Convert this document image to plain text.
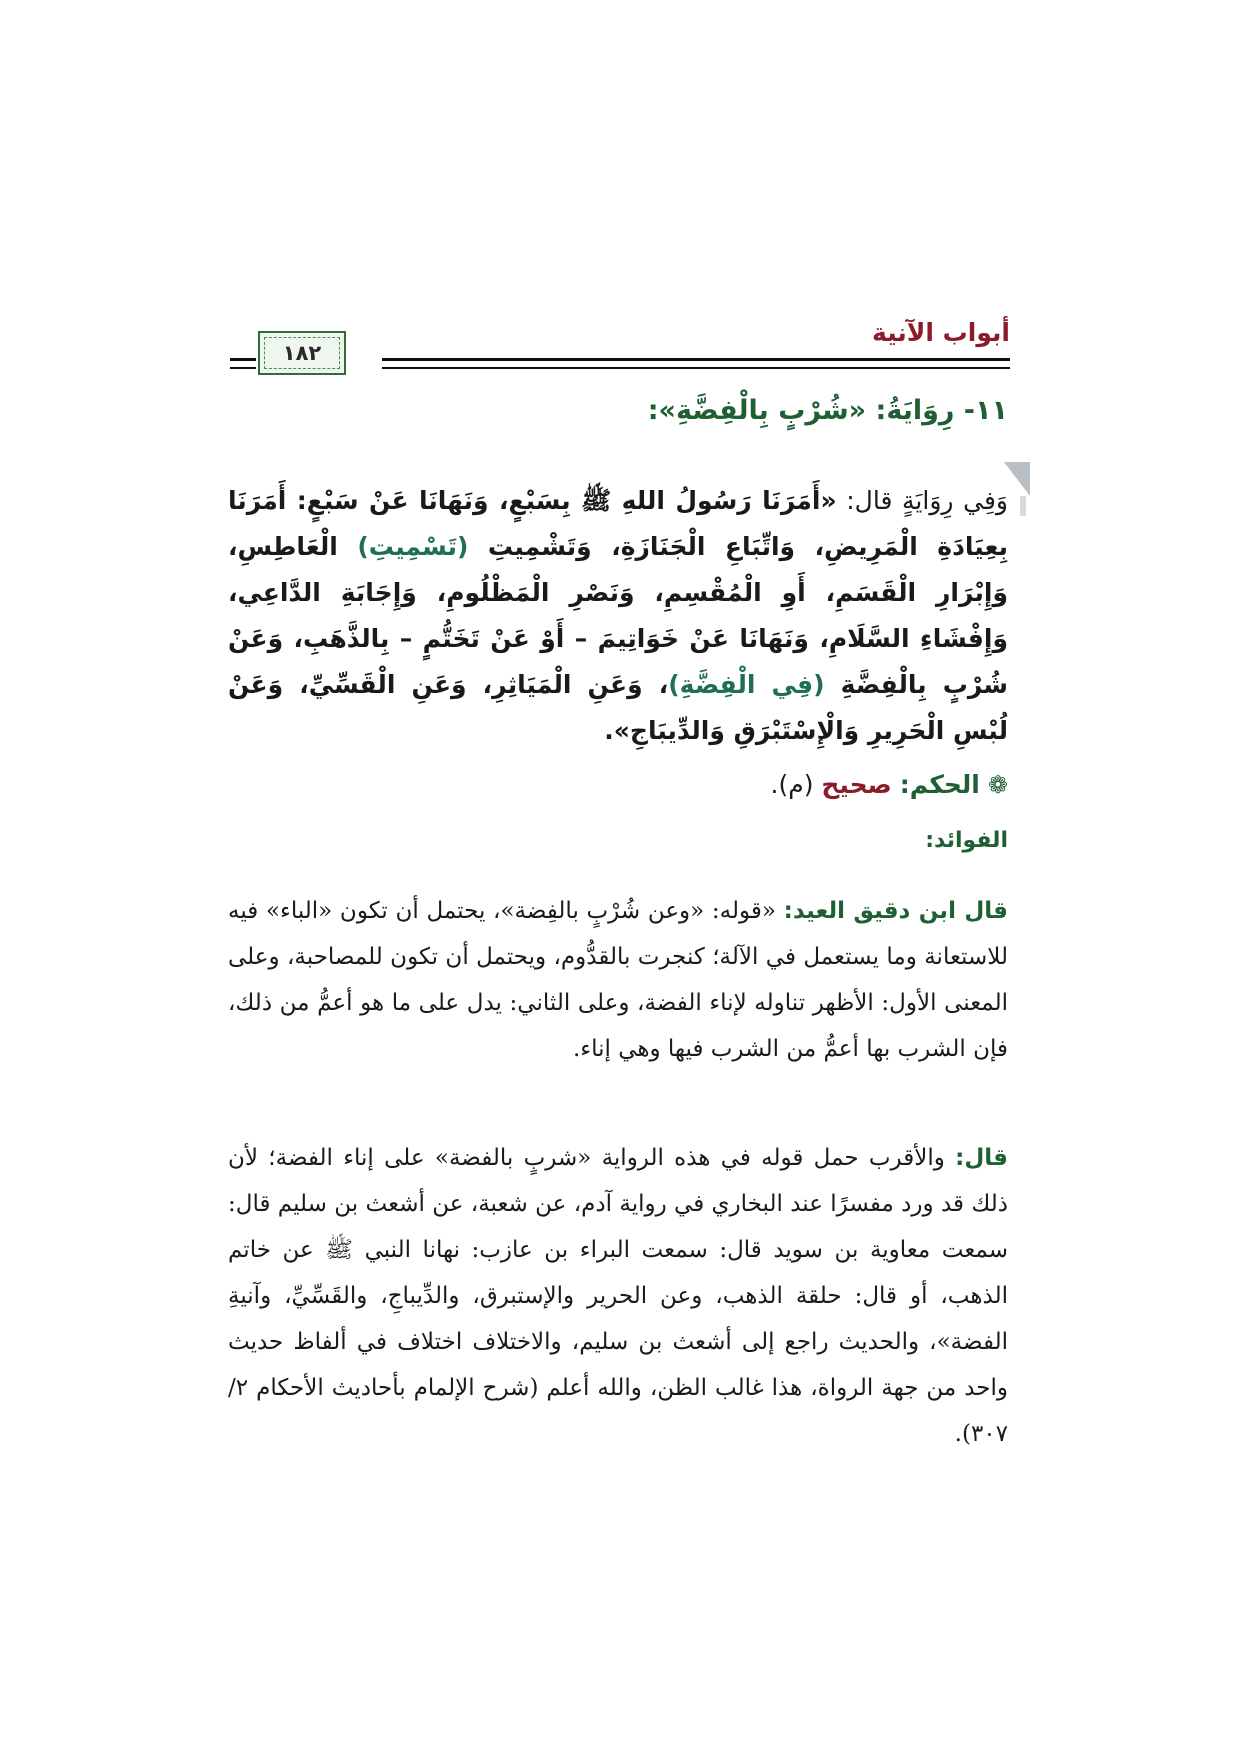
أبواب الآنية
١٨٢
١١- رِوَايَةُ: «شُرْبٍ بِالْفِضَّةِ»:
وَفِي رِوَايَةٍ قال: «أَمَرَنَا رَسُولُ اللهِ ﷺ بِسَبْعٍ، وَنَهَانَا عَنْ سَبْعٍ: أَمَرَنَا بِعِيَادَةِ الْمَرِيضِ، وَاتِّبَاعِ الْجَنَازَةِ، وَتَشْمِيتِ (تَسْمِيتِ) الْعَاطِسِ، وَإِبْرَارِ الْقَسَمِ، أَوِ الْمُقْسِمِ، وَنَصْرِ الْمَظْلُومِ، وَإِجَابَةِ الدَّاعِي، وَإِفْشَاءِ السَّلَامِ، وَنَهَانَا عَنْ خَوَاتِيمَ – أَوْ عَنْ تَخَتُّمٍ – بِالذَّهَبِ، وَعَنْ شُرْبٍ بِالْفِضَّةِ (فِي الْفِضَّةِ)، وَعَنِ الْمَيَاثِرِ، وَعَنِ الْقَسِّيِّ، وَعَنْ لُبْسِ الْحَرِيرِ وَالْإِسْتَبْرَقِ وَالدِّيبَاجِ».
❁الحكم: صحيح (م).
الفوائد:
قال ابن دقيق العيد: «قوله: «وعن شُرْبٍ بالفِضة»، يحتمل أن تكون «الباء» فيه للاستعانة وما يستعمل في الآلة؛ كنجرت بالقدُّوم، ويحتمل أن تكون للمصاحبة، وعلى المعنى الأول: الأظهر تناوله لإناء الفضة، وعلى الثاني: يدل على ما هو أعمُّ من ذلك، فإن الشرب بها أعمُّ من الشرب فيها وهي إناء.
قال: والأقرب حمل قوله في هذه الرواية «شربٍ بالفضة» على إناء الفضة؛ لأن ذلك قد ورد مفسرًا عند البخاري في رواية آدم، عن شعبة، عن أشعث بن سليم قال: سمعت معاوية بن سويد قال: سمعت البراء بن عازب: نهانا النبي ﷺ عن خاتم الذهب، أو قال: حلقة الذهب، وعن الحرير والإستبرق، والدِّيباجِ، والقَسِّيِّ، وآنيةِ الفضة»، والحديث راجع إلى أشعث بن سليم، والاختلاف اختلاف في ألفاظ حديث واحد من جهة الرواة، هذا غالب الظن، والله أعلم (شرح الإلمام بأحاديث الأحكام ٢/ ٣٠٧).
